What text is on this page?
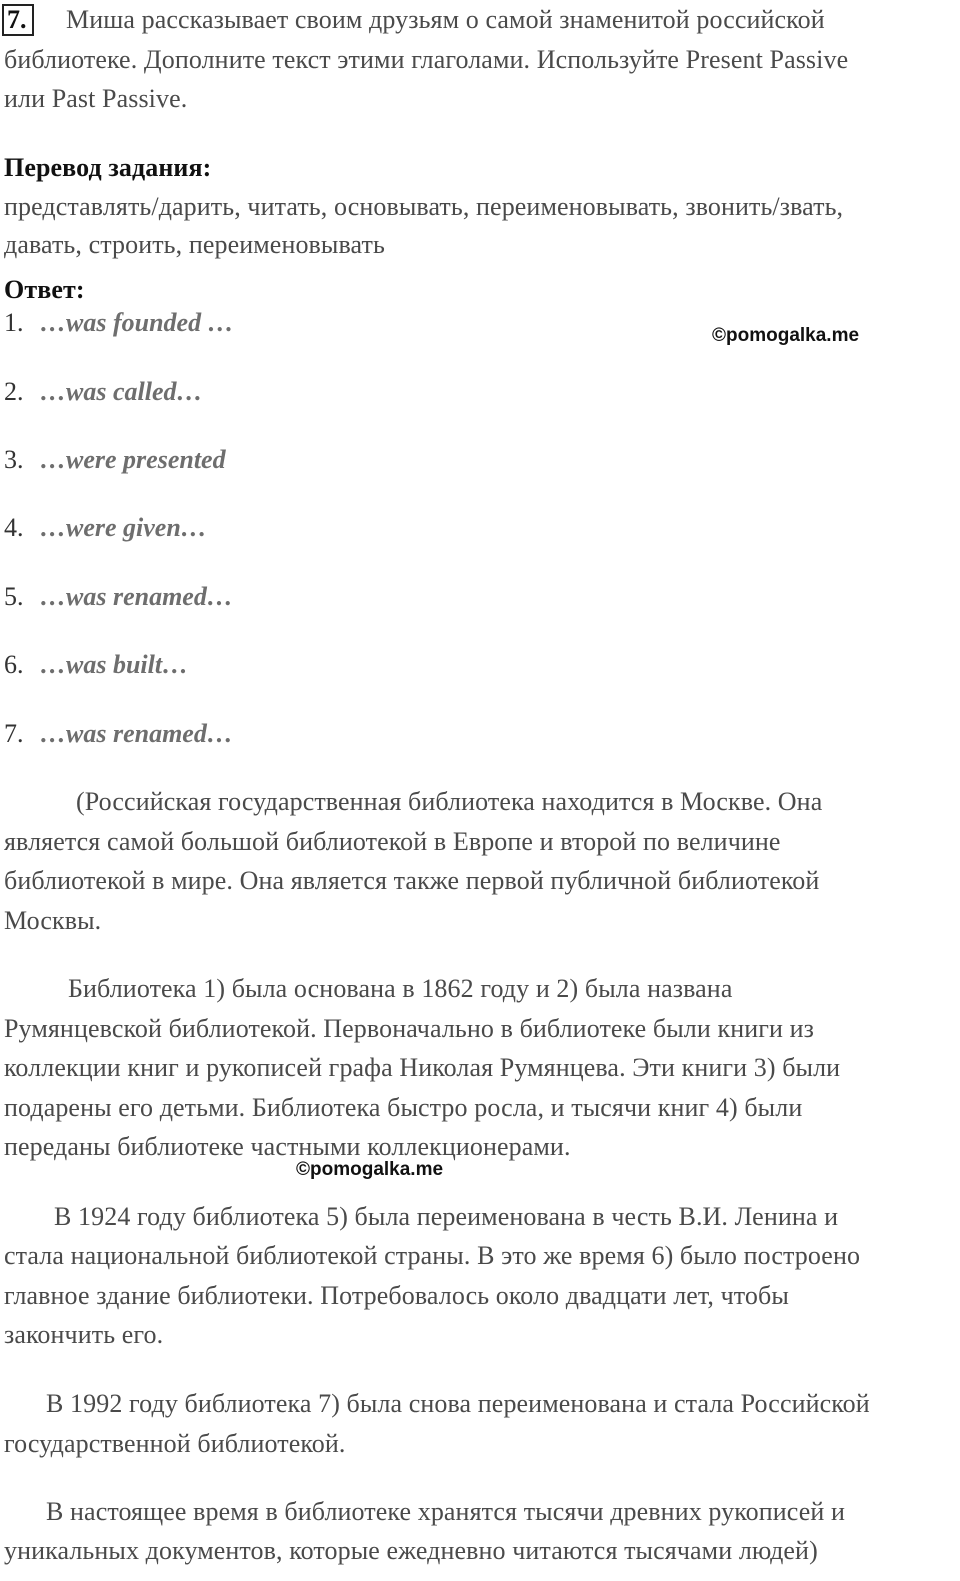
7. Миша рассказывает своим друзьям о самой знаменитой российской
библиотеке. Дополните текст этими глаголами. Используйте Present Passive
или Past Passive.
Перевод задания:
представлять/дарить, читать, основывать, переименовывать, звонить/звать,
давать, строить, переименовывать
Ответ:
1. …was founded …
2. …was called…
3. …were presented
4. …were given…
5. …was renamed…
6. …was built…
7. …was renamed…
©pomogalka.me
©pomogalka.me
(Российская государственная библиотека находится в Москве. Она
является самой большой библиотекой в Европе и второй по величине
библиотекой в мире. Она является также первой публичной библиотекой
Москвы.
Библиотека 1) была основана в 1862 году и 2) была названа
Румянцевской библиотекой. Первоначально в библиотеке были книги из
коллекции книг и рукописей графа Николая Румянцева. Эти книги 3) были
подарены его детьми. Библиотека быстро росла, и тысячи книг 4) были
переданы библиотеке частными коллекционерами.
В 1924 году библиотека 5) была переименована в честь В.И. Ленина и
стала национальной библиотекой страны. В это же время 6) было построено
главное здание библиотеки. Потребовалось около двадцати лет, чтобы
закончить его.
В 1992 году библиотека 7) была снова переименована и стала Российской
государственной библиотекой.
В настоящее время в библиотеке хранятся тысячи древних рукописей и
уникальных документов, которые ежедневно читаются тысячами людей)
